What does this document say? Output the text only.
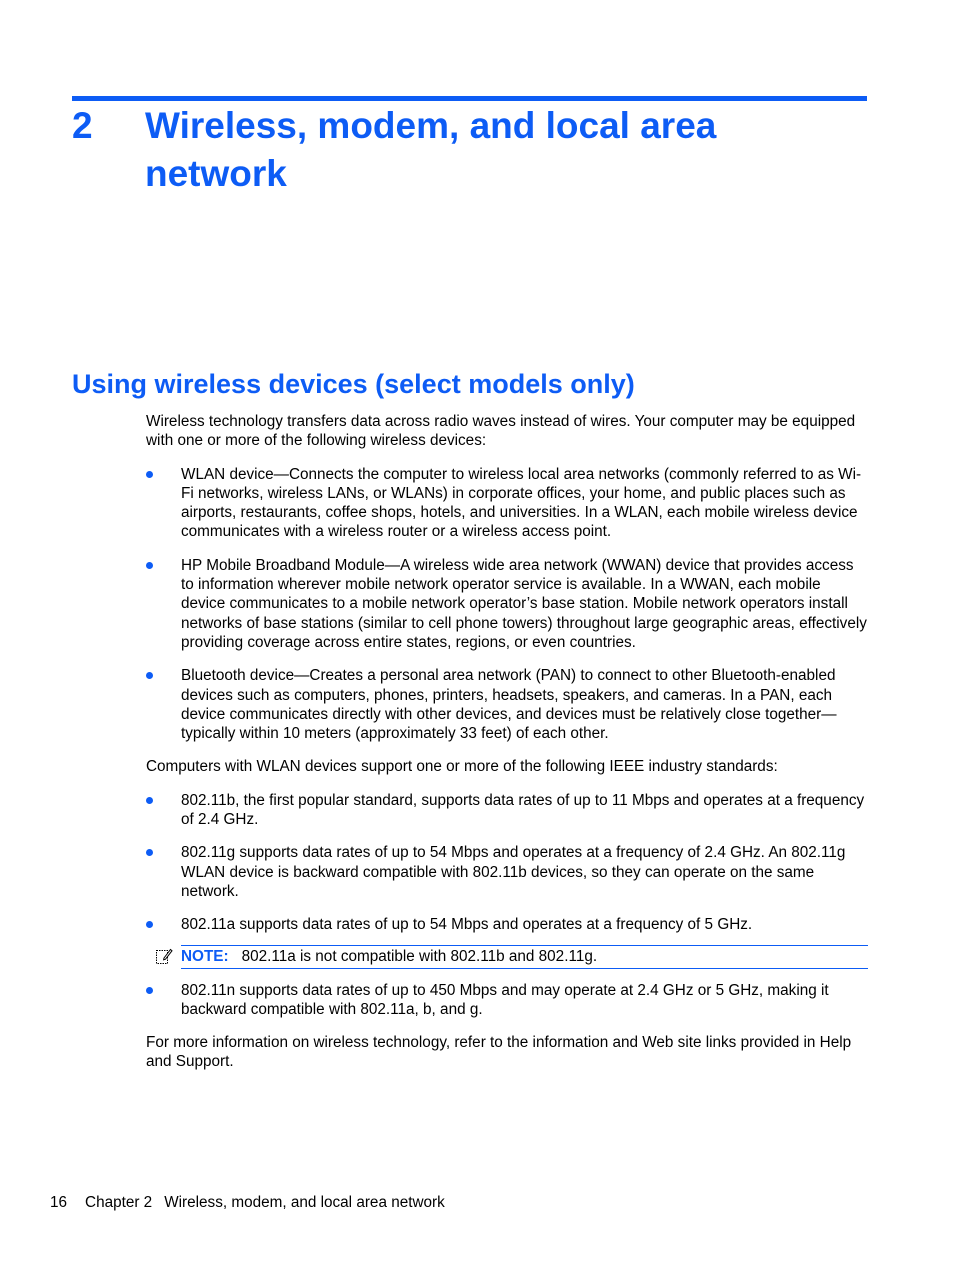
2 Wireless, modem, and local area network
Using wireless devices (select models only)

Wireless technology transfers data across radio waves instead of wires. Your computer may be equipped with one or more of the following wireless devices:

WLAN device—Connects the computer to wireless local area networks (commonly referred to as Wi-Fi networks, wireless LANs, or WLANs) in corporate offices, your home, and public places such as airports, restaurants, coffee shops, hotels, and universities. In a WLAN, each mobile wireless device communicates with a wireless router or a wireless access point.
HP Mobile Broadband Module—A wireless wide area network (WWAN) device that provides access to information wherever mobile network operator service is available. In a WWAN, each mobile device communicates to a mobile network operator’s base station. Mobile network operators install networks of base stations (similar to cell phone towers) throughout large geographic areas, effectively providing coverage across entire states, regions, or even countries.
Bluetooth device—Creates a personal area network (PAN) to connect to other Bluetooth-enabled devices such as computers, phones, printers, headsets, speakers, and cameras. In a PAN, each device communicates directly with other devices, and devices must be relatively close together—typically within 10 meters (approximately 33 feet) of each other.

Computers with WLAN devices support one or more of the following IEEE industry standards:

802.11b, the first popular standard, supports data rates of up to 11 Mbps and operates at a frequency of 2.4 GHz.
802.11g supports data rates of up to 54 Mbps and operates at a frequency of 2.4 GHz. An 802.11g WLAN device is backward compatible with 802.11b devices, so they can operate on the same network.
802.11a supports data rates of up to 54 Mbps and operates at a frequency of 5 GHz.
NOTE: 802.11a is not compatible with 802.11b and 802.11g.
802.11n supports data rates of up to 450 Mbps and may operate at 2.4 GHz or 5 GHz, making it backward compatible with 802.11a, b, and g.

For more information on wireless technology, refer to the information and Web site links provided in Help and Support.

16 Chapter 2 Wireless, modem, and local area network
